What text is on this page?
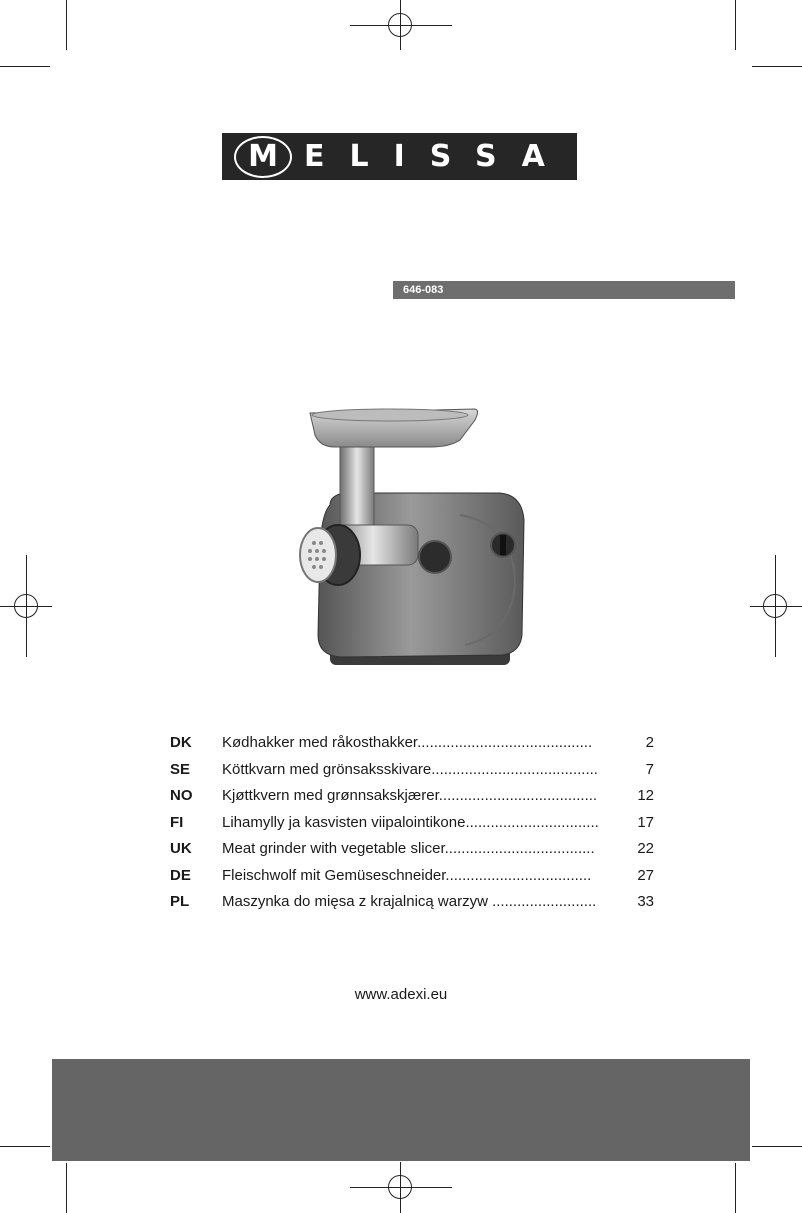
M ELISSA
646-083
DK Kødhakker med råkosthakker..........................................	2
SE Köttkvarn med grönsaksskivare........................................	7
NO Kjøttkvern med grønnsakskjærer......................................	12
FI	Lihamylly ja kasvisten viipalointikone................................	17
UK Meat grinder with vegetable slicer....................................	22
DE Fleischwolf mit Gemüseschneider...................................	27
PL Maszynka do mięsa z krajalnicą warzyw .........................	33
www.adexi.eu
